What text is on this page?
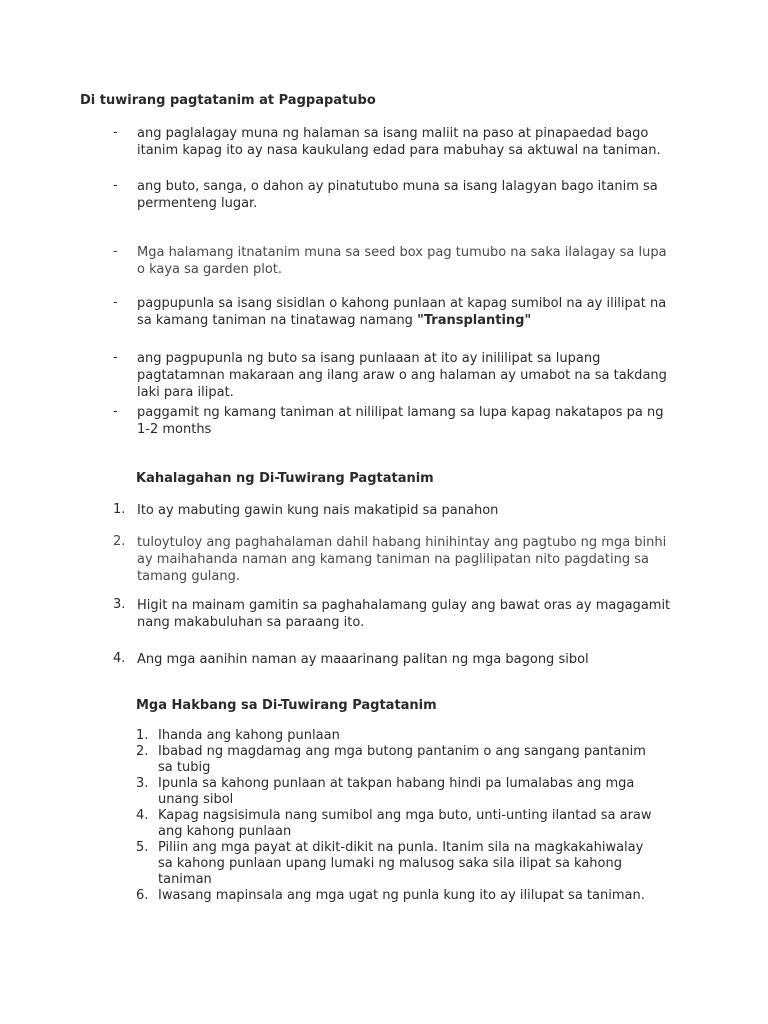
Di tuwirang pagtatanim at Pagpapatubo
- ang paglalagay muna ng halaman sa isang maliit na paso at pinapaedad bago itanim kapag ito ay nasa kaukulang edad para mabuhay sa aktuwal na taniman.
- ang buto, sanga, o dahon ay pinatutubo muna sa isang lalagyan bago itanim sa permenteng lugar.
- Mga halamang itnatanim muna sa seed box pag tumubo na saka ilalagay sa lupa o kaya sa garden plot.
- pagpupunla sa isang sisidlan o kahong punlaan at kapag sumibol na ay ililipat na sa kamang taniman na tinatawag namang "Transplanting"
- ang pagpupunla ng buto sa isang punlaaan at ito ay inililipat sa lupang pagtatamnan makaraan ang ilang araw o ang halaman ay umabot na sa takdang laki para ilipat.
- paggamit ng kamang taniman at nililipat lamang sa lupa kapag nakatapos pa ng 1-2 months
Kahalagahan ng Di-Tuwirang Pagtatanim
1. Ito ay mabuting gawin kung nais makatipid sa panahon
2. tuloytuloy ang paghahalaman dahil habang hinihintay ang pagtubo ng mga binhi ay maihahanda naman ang kamang taniman na paglilipatan nito pagdating sa tamang gulang.
3. Higit na mainam gamitin sa paghahalamang gulay ang bawat oras ay magagamit nang makabuluhan sa paraang ito.
4. Ang mga aanihin naman ay maaarinang palitan ng mga bagong sibol
Mga Hakbang sa Di-Tuwirang Pagtatanim
1. Ihanda ang kahong punlaan
2. Ibabad ng magdamag ang mga butong pantanim o ang sangang pantanim sa tubig
3. Ipunla sa kahong punlaan at takpan habang hindi pa lumalabas ang mga unang sibol
4. Kapag nagsisimula nang sumibol ang mga buto, unti-unting ilantad sa araw ang kahong punlaan
5. Piliin ang mga payat at dikit-dikit na punla. Itanim sila na magkakahiwalay sa kahong punlaan upang lumaki ng malusog saka sila ilipat sa kahong taniman
6. Iwasang mapinsala ang mga ugat ng punla kung ito ay ililupat sa taniman.
